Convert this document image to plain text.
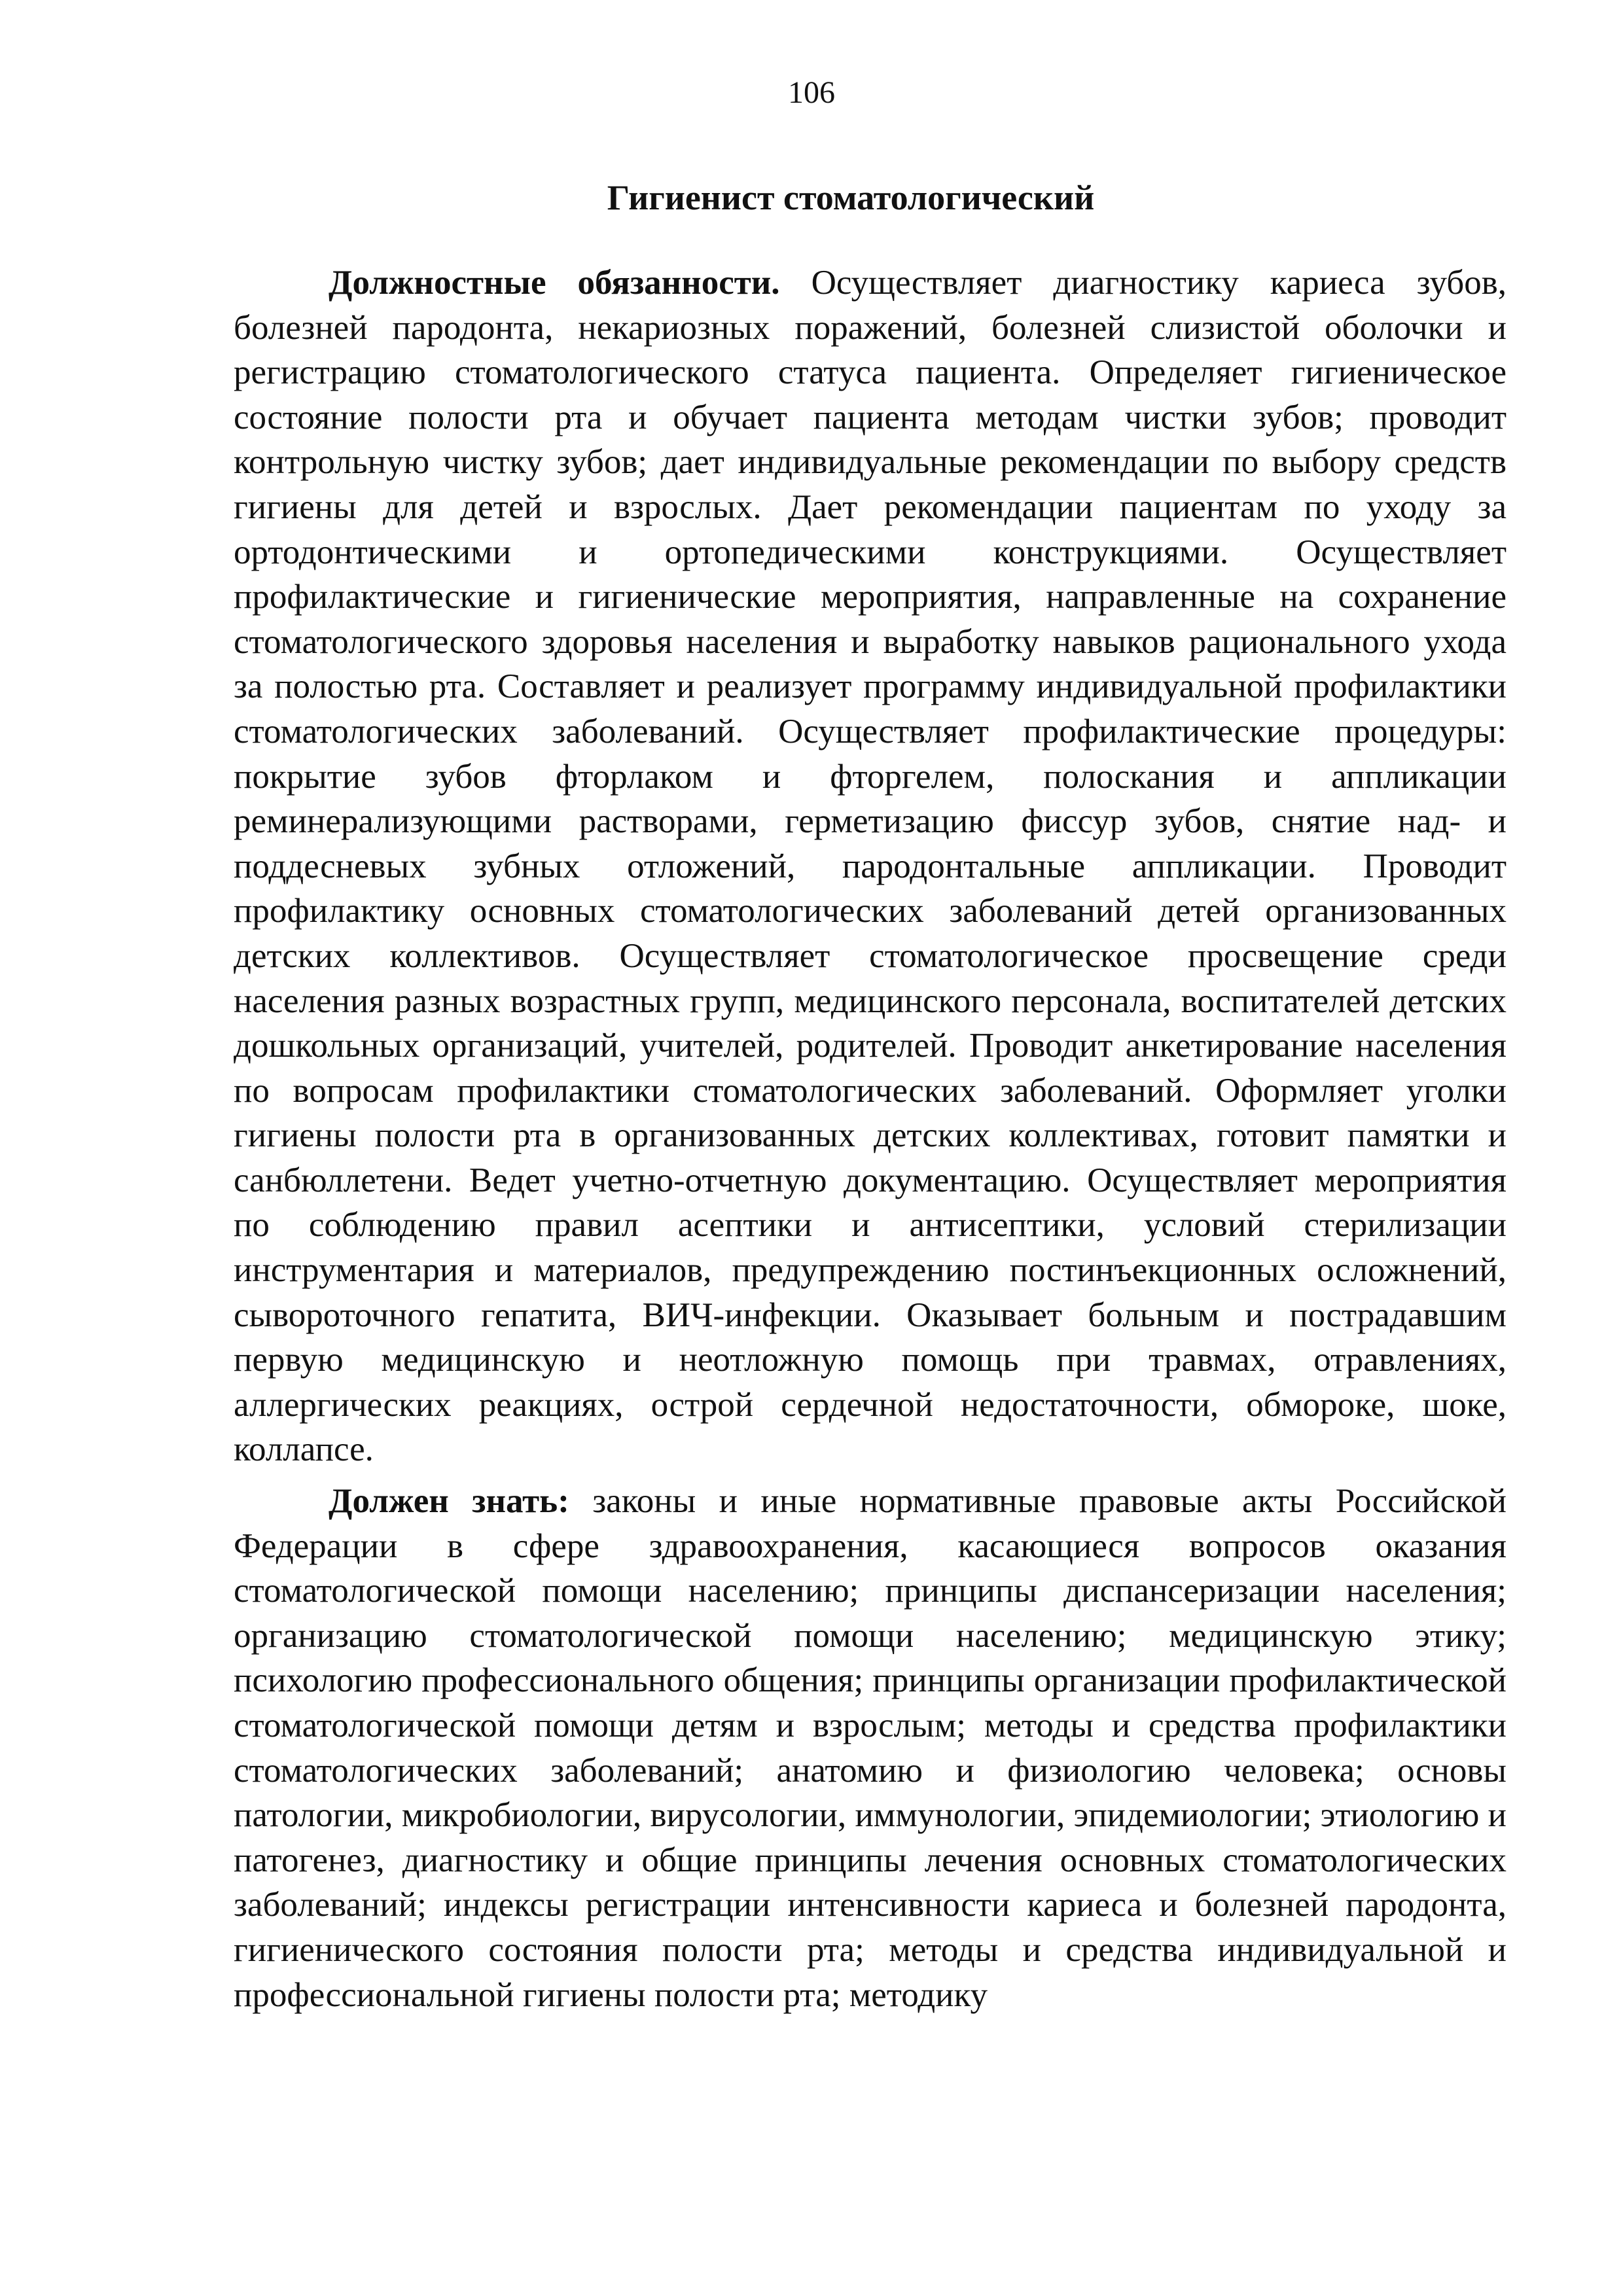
106
Гигиенист стоматологический

Должностные обязанности. Осуществляет диагностику кариеса зубов, болезней пародонта, некариозных поражений, болезней слизистой оболочки и регистрацию стоматологического статуса пациента. Определяет гигиеническое состояние полости рта и обучает пациента методам чистки зубов; проводит контрольную чистку зубов; дает индивидуальные рекомендации по выбору средств гигиены для детей и взрослых. Дает рекомендации пациентам по уходу за ортодонтическими и ортопедическими конструкциями. Осуществляет профилактические и гигиенические мероприятия, направленные на сохранение стоматологического здоровья населения и выработку навыков рационального ухода за полостью рта. Составляет и реализует программу индивидуальной профилактики стоматологических заболеваний. Осуществляет профилактические процедуры: покрытие зубов фторлаком и фторгелем, полоскания и аппликации реминерализующими растворами, герметизацию фиссур зубов, снятие над- и поддесневых зубных отложений, пародонтальные аппликации. Проводит профилактику основных стоматологических заболеваний детей организованных детских коллективов. Осуществляет стоматологическое просвещение среди населения разных возрастных групп, медицинского персонала, воспитателей детских дошкольных организаций, учителей, родителей. Проводит анкетирование населения по вопросам профилактики стоматологических заболеваний. Оформляет уголки гигиены полости рта в организованных детских коллективах, готовит памятки и санбюллетени. Ведет учетно-отчетную документацию. Осуществляет мероприятия по соблюдению правил асептики и антисептики, условий стерилизации инструментария и материалов, предупреждению постинъекционных осложнений, сывороточного гепатита, ВИЧ-инфекции. Оказывает больным и пострадавшим первую медицинскую и неотложную помощь при травмах, отравлениях, аллергических реакциях, острой сердечной недостаточности, обмороке, шоке, коллапсе.

Должен знать: законы и иные нормативные правовые акты Российской Федерации в сфере здравоохранения, касающиеся вопросов оказания стоматологической помощи населению; принципы диспансеризации населения; организацию стоматологической помощи населению; медицинскую этику; психологию профессионального общения; принципы организации профилактической стоматологической помощи детям и взрослым; методы и средства профилактики стоматологических заболеваний; анатомию и физиологию человека; основы патологии, микробиологии, вирусологии, иммунологии, эпидемиологии; этиологию и патогенез, диагностику и общие принципы лечения основных стоматологических заболеваний; индексы регистрации интенсивности кариеса и болезней пародонта, гигиенического состояния полости рта; методы и средства индивидуальной и профессиональной гигиены полости рта; методику
